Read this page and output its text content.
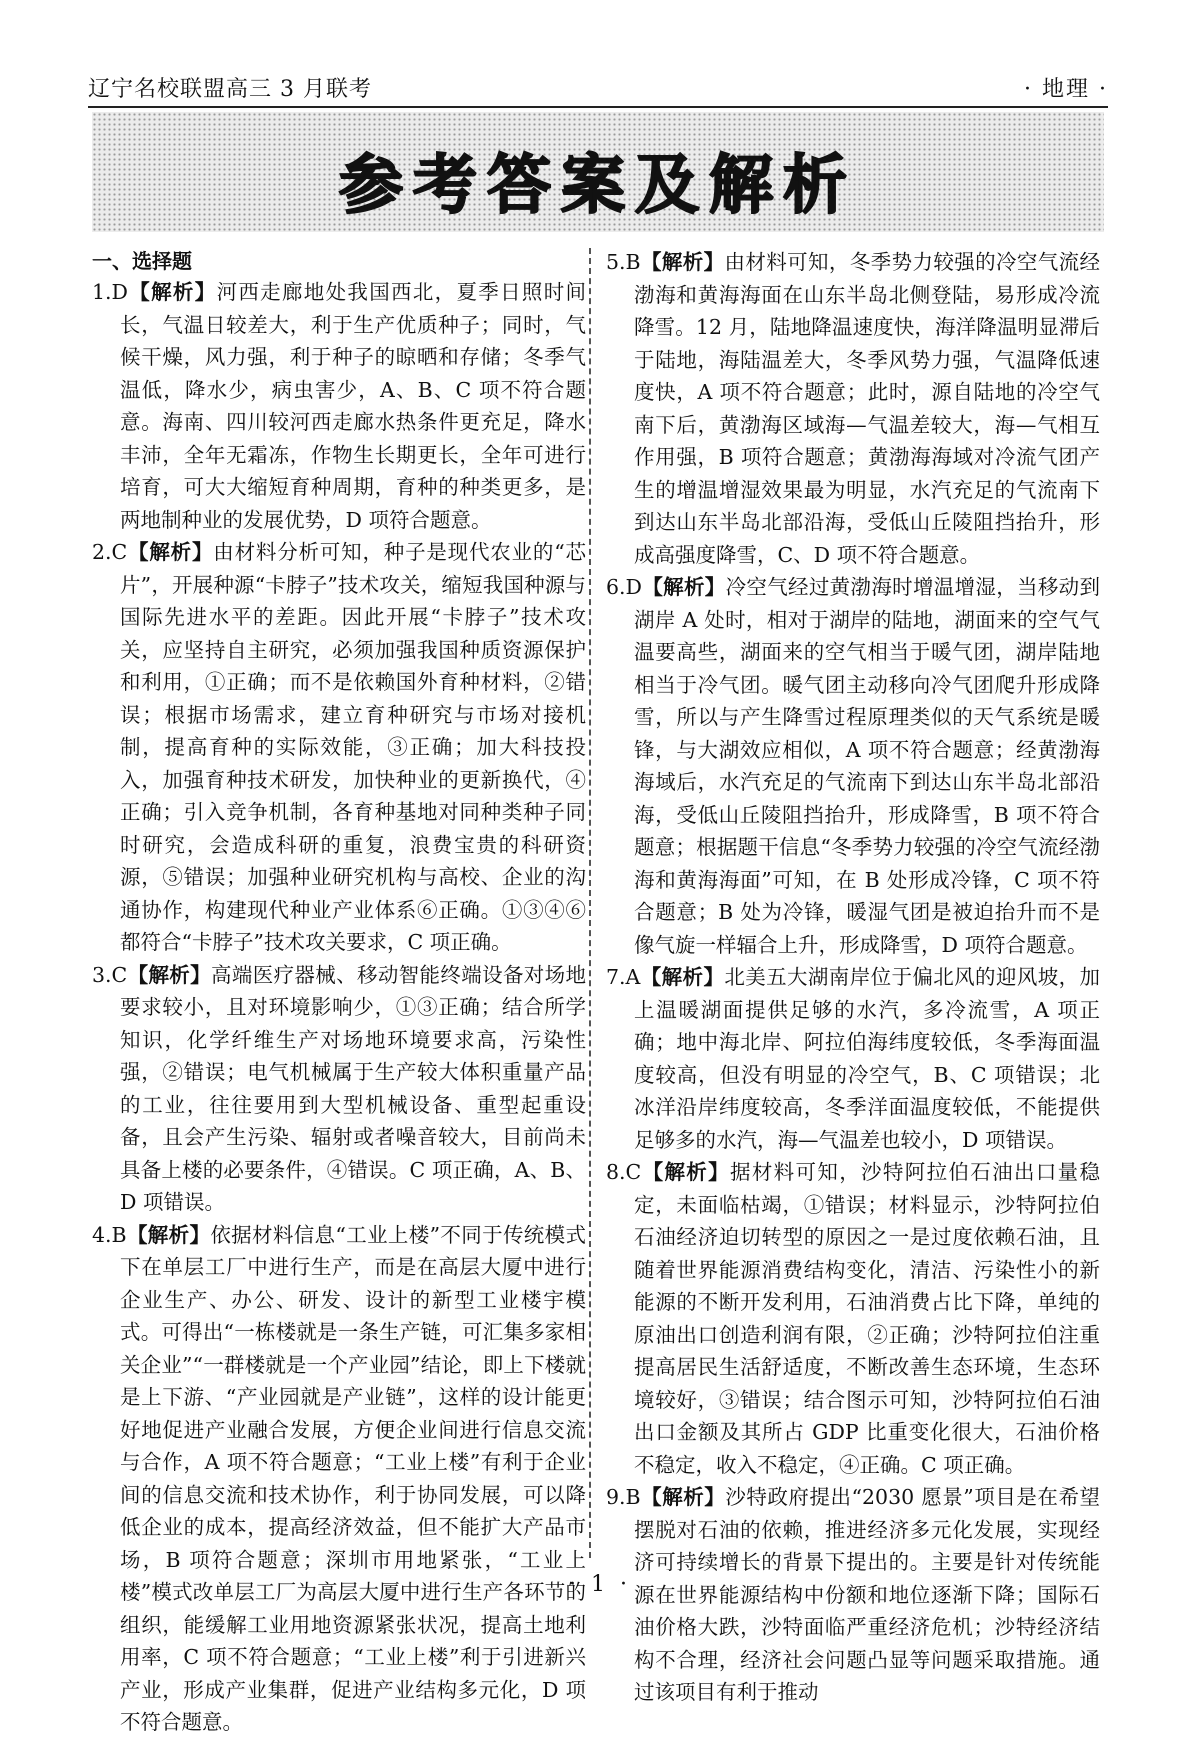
辽宁名校联盟高三 3 月联考	· 地理 ·
参考答案及解析

一、选择题

1.D【解析】河西走廊地处我国西北，夏季日照时间长，气温日较差大，利于生产优质种子；同时，气候干燥，风力强，利于种子的晾晒和存储；冬季气温低，降水少，病虫害少，A、B、C 项不符合题意。海南、四川较河西走廊水热条件更充足，降水丰沛，全年无霜冻，作物生长期更长，全年可进行培育，可大大缩短育种周期，育种的种类更多，是两地制种业的发展优势，D 项符合题意。

2.C【解析】由材料分析可知，种子是现代农业的“芯片”，开展种源“卡脖子”技术攻关，缩短我国种源与国际先进水平的差距。因此开展“卡脖子”技术攻关，应坚持自主研究，必须加强我国种质资源保护和利用，①正确；而不是依赖国外育种材料，②错误；根据市场需求，建立育种研究与市场对接机制，提高育种的实际效能，③正确；加大科技投入，加强育种技术研发，加快种业的更新换代，④正确；引入竞争机制，各育种基地对同种类种子同时研究，会造成科研的重复，浪费宝贵的科研资源，⑤错误；加强种业研究机构与高校、企业的沟通协作，构建现代种业产业体系⑥正确。①③④⑥都符合“卡脖子”技术攻关要求，C 项正确。

3.C【解析】高端医疗器械、移动智能终端设备对场地要求较小，且对环境影响少，①③正确；结合所学知识，化学纤维生产对场地环境要求高，污染性强，②错误；电气机械属于生产较大体积重量产品的工业，往往要用到大型机械设备、重型起重设备，且会产生污染、辐射或者噪音较大，目前尚未具备上楼的必要条件，④错误。C 项正确，A、B、D 项错误。

4.B【解析】依据材料信息“工业上楼”不同于传统模式下在单层工厂中进行生产，而是在高层大厦中进行企业生产、办公、研发、设计的新型工业楼宇模式。可得出“一栋楼就是一条生产链，可汇集多家相关企业”“一群楼就是一个产业园”结论，即上下楼就是上下游、“产业园就是产业链”，这样的设计能更好地促进产业融合发展，方便企业间进行信息交流与合作，A 项不符合题意；“工业上楼”有利于企业间的信息交流和技术协作，利于协同发展，可以降低企业的成本，提高经济效益，但不能扩大产品市场，B 项符合题意；深圳市用地紧张，“工业上楼”模式改单层工厂为高层大厦中进行生产各环节的组织，能缓解工业用地资源紧张状况，提高土地利用率，C 项不符合题意；“工业上楼”利于引进新兴产业，形成产业集群，促进产业结构多元化，D 项不符合题意。

5.B【解析】由材料可知，冬季势力较强的冷空气流经渤海和黄海海面在山东半岛北侧登陆，易形成冷流降雪。12 月，陆地降温速度快，海洋降温明显滞后于陆地，海陆温差大，冬季风势力强，气温降低速度快，A 项不符合题意；此时，源自陆地的冷空气南下后，黄渤海区域海—气温差较大，海—气相互作用强，B 项符合题意；黄渤海海域对冷流气团产生的增温增湿效果最为明显，水汽充足的气流南下到达山东半岛北部沿海，受低山丘陵阻挡抬升，形成高强度降雪，C、D 项不符合题意。

6.D【解析】冷空气经过黄渤海时增温增湿，当移动到湖岸 A 处时，相对于湖岸的陆地，湖面来的空气气温要高些，湖面来的空气相当于暖气团，湖岸陆地相当于冷气团。暖气团主动移向冷气团爬升形成降雪，所以与产生降雪过程原理类似的天气系统是暖锋，与大湖效应相似，A 项不符合题意；经黄渤海海域后，水汽充足的气流南下到达山东半岛北部沿海，受低山丘陵阻挡抬升，形成降雪，B 项不符合题意；根据题干信息“冬季势力较强的冷空气流经渤海和黄海海面”可知，在 B 处形成冷锋，C 项不符合题意；B 处为冷锋，暖湿气团是被迫抬升而不是像气旋一样辐合上升，形成降雪，D 项符合题意。

7.A【解析】北美五大湖南岸位于偏北风的迎风坡，加上温暖湖面提供足够的水汽，多冷流雪，A 项正确；地中海北岸、阿拉伯海纬度较低，冬季海面温度较高，但没有明显的冷空气，B、C 项错误；北冰洋沿岸纬度较高，冬季洋面温度较低，不能提供足够多的水汽，海—气温差也较小，D 项错误。

8.C【解析】据材料可知，沙特阿拉伯石油出口量稳定，未面临枯竭，①错误；材料显示，沙特阿拉伯石油经济迫切转型的原因之一是过度依赖石油，且随着世界能源消费结构变化，清洁、污染性小的新能源的不断开发利用，石油消费占比下降，单纯的原油出口创造利润有限，②正确；沙特阿拉伯注重提高居民生活舒适度，不断改善生态环境，生态环境较好，③错误；结合图示可知，沙特阿拉伯石油出口金额及其所占 GDP 比重变化很大，石油价格不稳定，收入不稳定，④正确。C 项正确。

9.B【解析】沙特政府提出“2030 愿景”项目是在希望摆脱对石油的依赖，推进经济多元化发展，实现经济可持续增长的背景下提出的。主要是针对传统能源在世界能源结构中份额和地位逐渐下降；国际石油价格大跌，沙特面临严重经济危机；沙特经济结构不合理，经济社会问题凸显等问题采取措施。通过该项目有利于推动

· 1 ·
